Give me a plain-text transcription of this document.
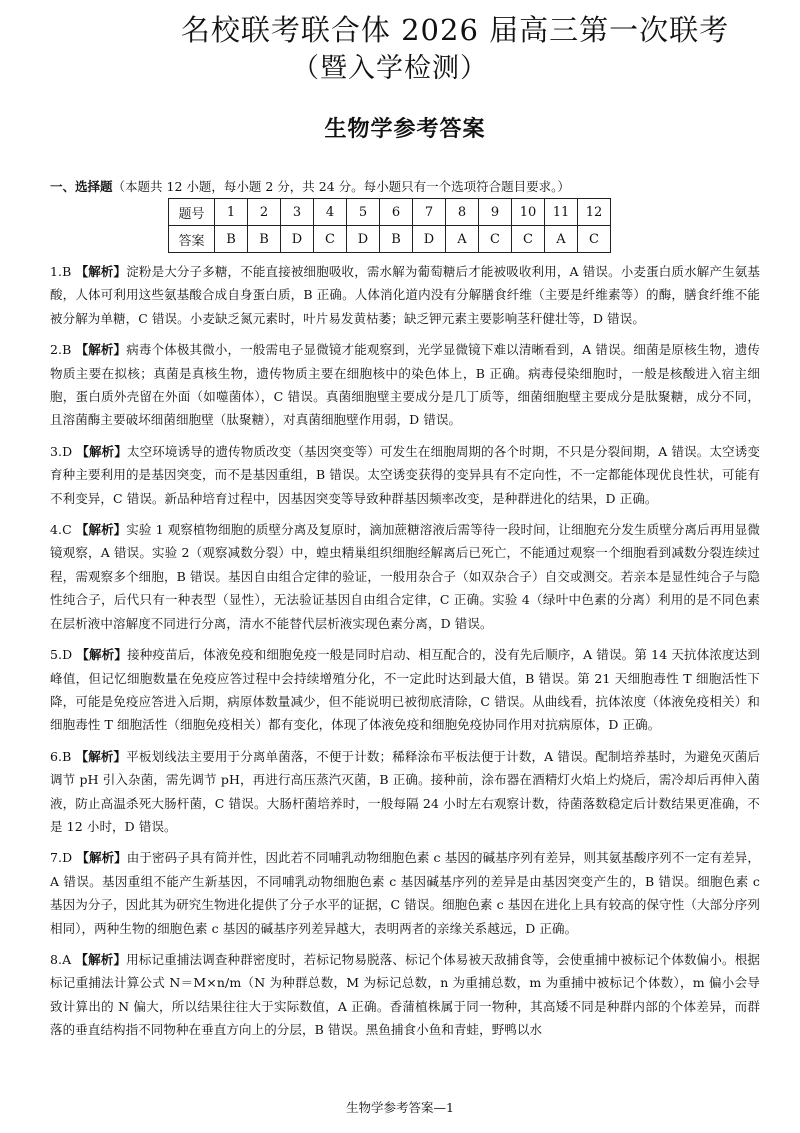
名校联考联合体 2026 届高三第一次联考
（暨入学检测）
生物学参考答案
一、选择题（本题共 12 小题，每小题 2 分，共 24 分。每小题只有一个选项符合题目要求。）
题号	1	2	3	4	5	6	7	8	9	10	11	12
答案	B	B	D	C	D	B	D	A	C	C	A	C
1.B 【解析】淀粉是大分子多糖，不能直接被细胞吸收，需水解为葡萄糖后才能被吸收利用，A 错误。小麦蛋白质水解产生氨基酸，人体可利用这些氨基酸合成自身蛋白质，B 正确。人体消化道内没有分解膳食纤维（主要是纤维素等）的酶，膳食纤维不能被分解为单糖，C 错误。小麦缺乏氮元素时，叶片易发黄枯萎；缺乏钾元素主要影响茎秆健壮等，D 错误。
2.B 【解析】病毒个体极其微小，一般需电子显微镜才能观察到，光学显微镜下难以清晰看到，A 错误。细菌是原核生物，遗传物质主要在拟核；真菌是真核生物，遗传物质主要在细胞核中的染色体上，B 正确。病毒侵染细胞时，一般是核酸进入宿主细胞，蛋白质外壳留在外面（如噬菌体），C 错误。真菌细胞壁主要成分是几丁质等，细菌细胞壁主要成分是肽聚糖，成分不同，且溶菌酶主要破坏细菌细胞壁（肽聚糖），对真菌细胞壁作用弱，D 错误。
3.D 【解析】太空环境诱导的遗传物质改变（基因突变等）可发生在细胞周期的各个时期，不只是分裂间期，A 错误。太空诱变育种主要利用的是基因突变，而不是基因重组，B 错误。太空诱变获得的变异具有不定向性，不一定都能体现优良性状，可能有不利变异，C 错误。新品种培育过程中，因基因突变等导致种群基因频率改变，是种群进化的结果，D 正确。
4.C 【解析】实验 1 观察植物细胞的质壁分离及复原时，滴加蔗糖溶液后需等待一段时间，让细胞充分发生质壁分离后再用显微镜观察，A 错误。实验 2（观察减数分裂）中，蝗虫精巢组织细胞经解离后已死亡，不能通过观察一个细胞看到减数分裂连续过程，需观察多个细胞，B 错误。基因自由组合定律的验证，一般用杂合子（如双杂合子）自交或测交。若亲本是显性纯合子与隐性纯合子，后代只有一种表型（显性），无法验证基因自由组合定律，C 正确。实验 4（绿叶中色素的分离）利用的是不同色素在层析液中溶解度不同进行分离，清水不能替代层析液实现色素分离，D 错误。
5.D 【解析】接种疫苗后，体液免疫和细胞免疫一般是同时启动、相互配合的，没有先后顺序，A 错误。第 14 天抗体浓度达到峰值，但记忆细胞数量在免疫应答过程中会持续增殖分化，不一定此时达到最大值，B 错误。第 21 天细胞毒性 T 细胞活性下降，可能是免疫应答进入后期，病原体数量减少，但不能说明已被彻底清除，C 错误。从曲线看，抗体浓度（体液免疫相关）和细胞毒性 T 细胞活性（细胞免疫相关）都有变化，体现了体液免疫和细胞免疫协同作用对抗病原体，D 正确。
6.B 【解析】平板划线法主要用于分离单菌落，不便于计数；稀释涂布平板法便于计数，A 错误。配制培养基时，为避免灭菌后调节 pH 引入杂菌，需先调节 pH，再进行高压蒸汽灭菌，B 正确。接种前，涂布器在酒精灯火焰上灼烧后，需冷却后再伸入菌液，防止高温杀死大肠杆菌，C 错误。大肠杆菌培养时，一般每隔 24 小时左右观察计数，待菌落数稳定后计数结果更准确，不是 12 小时，D 错误。
7.D 【解析】由于密码子具有简并性，因此若不同哺乳动物细胞色素 c 基因的碱基序列有差异，则其氨基酸序列不一定有差异，A 错误。基因重组不能产生新基因，不同哺乳动物细胞色素 c 基因碱基序列的差异是由基因突变产生的，B 错误。细胞色素 c 基因为分子，因此其为研究生物进化提供了分子水平的证据，C 错误。细胞色素 c 基因在进化上具有较高的保守性（大部分序列相同），两种生物的细胞色素 c 基因的碱基序列差异越大，表明两者的亲缘关系越远，D 正确。
8.A 【解析】用标记重捕法调查种群密度时，若标记物易脱落、标记个体易被天敌捕食等，会使重捕中被标记个体数偏小。根据标记重捕法计算公式 N＝M×n/m（N 为种群总数，M 为标记总数，n 为重捕总数，m 为重捕中被标记个体数），m 偏小会导致计算出的 N 偏大，所以结果往往大于实际数值，A 正确。香蒲植株属于同一物种，其高矮不同是种群内部的个体差异，而群落的垂直结构指不同物种在垂直方向上的分层，B 错误。黑鱼捕食小鱼和青蛙，野鸭以水
生物学参考答案—1
